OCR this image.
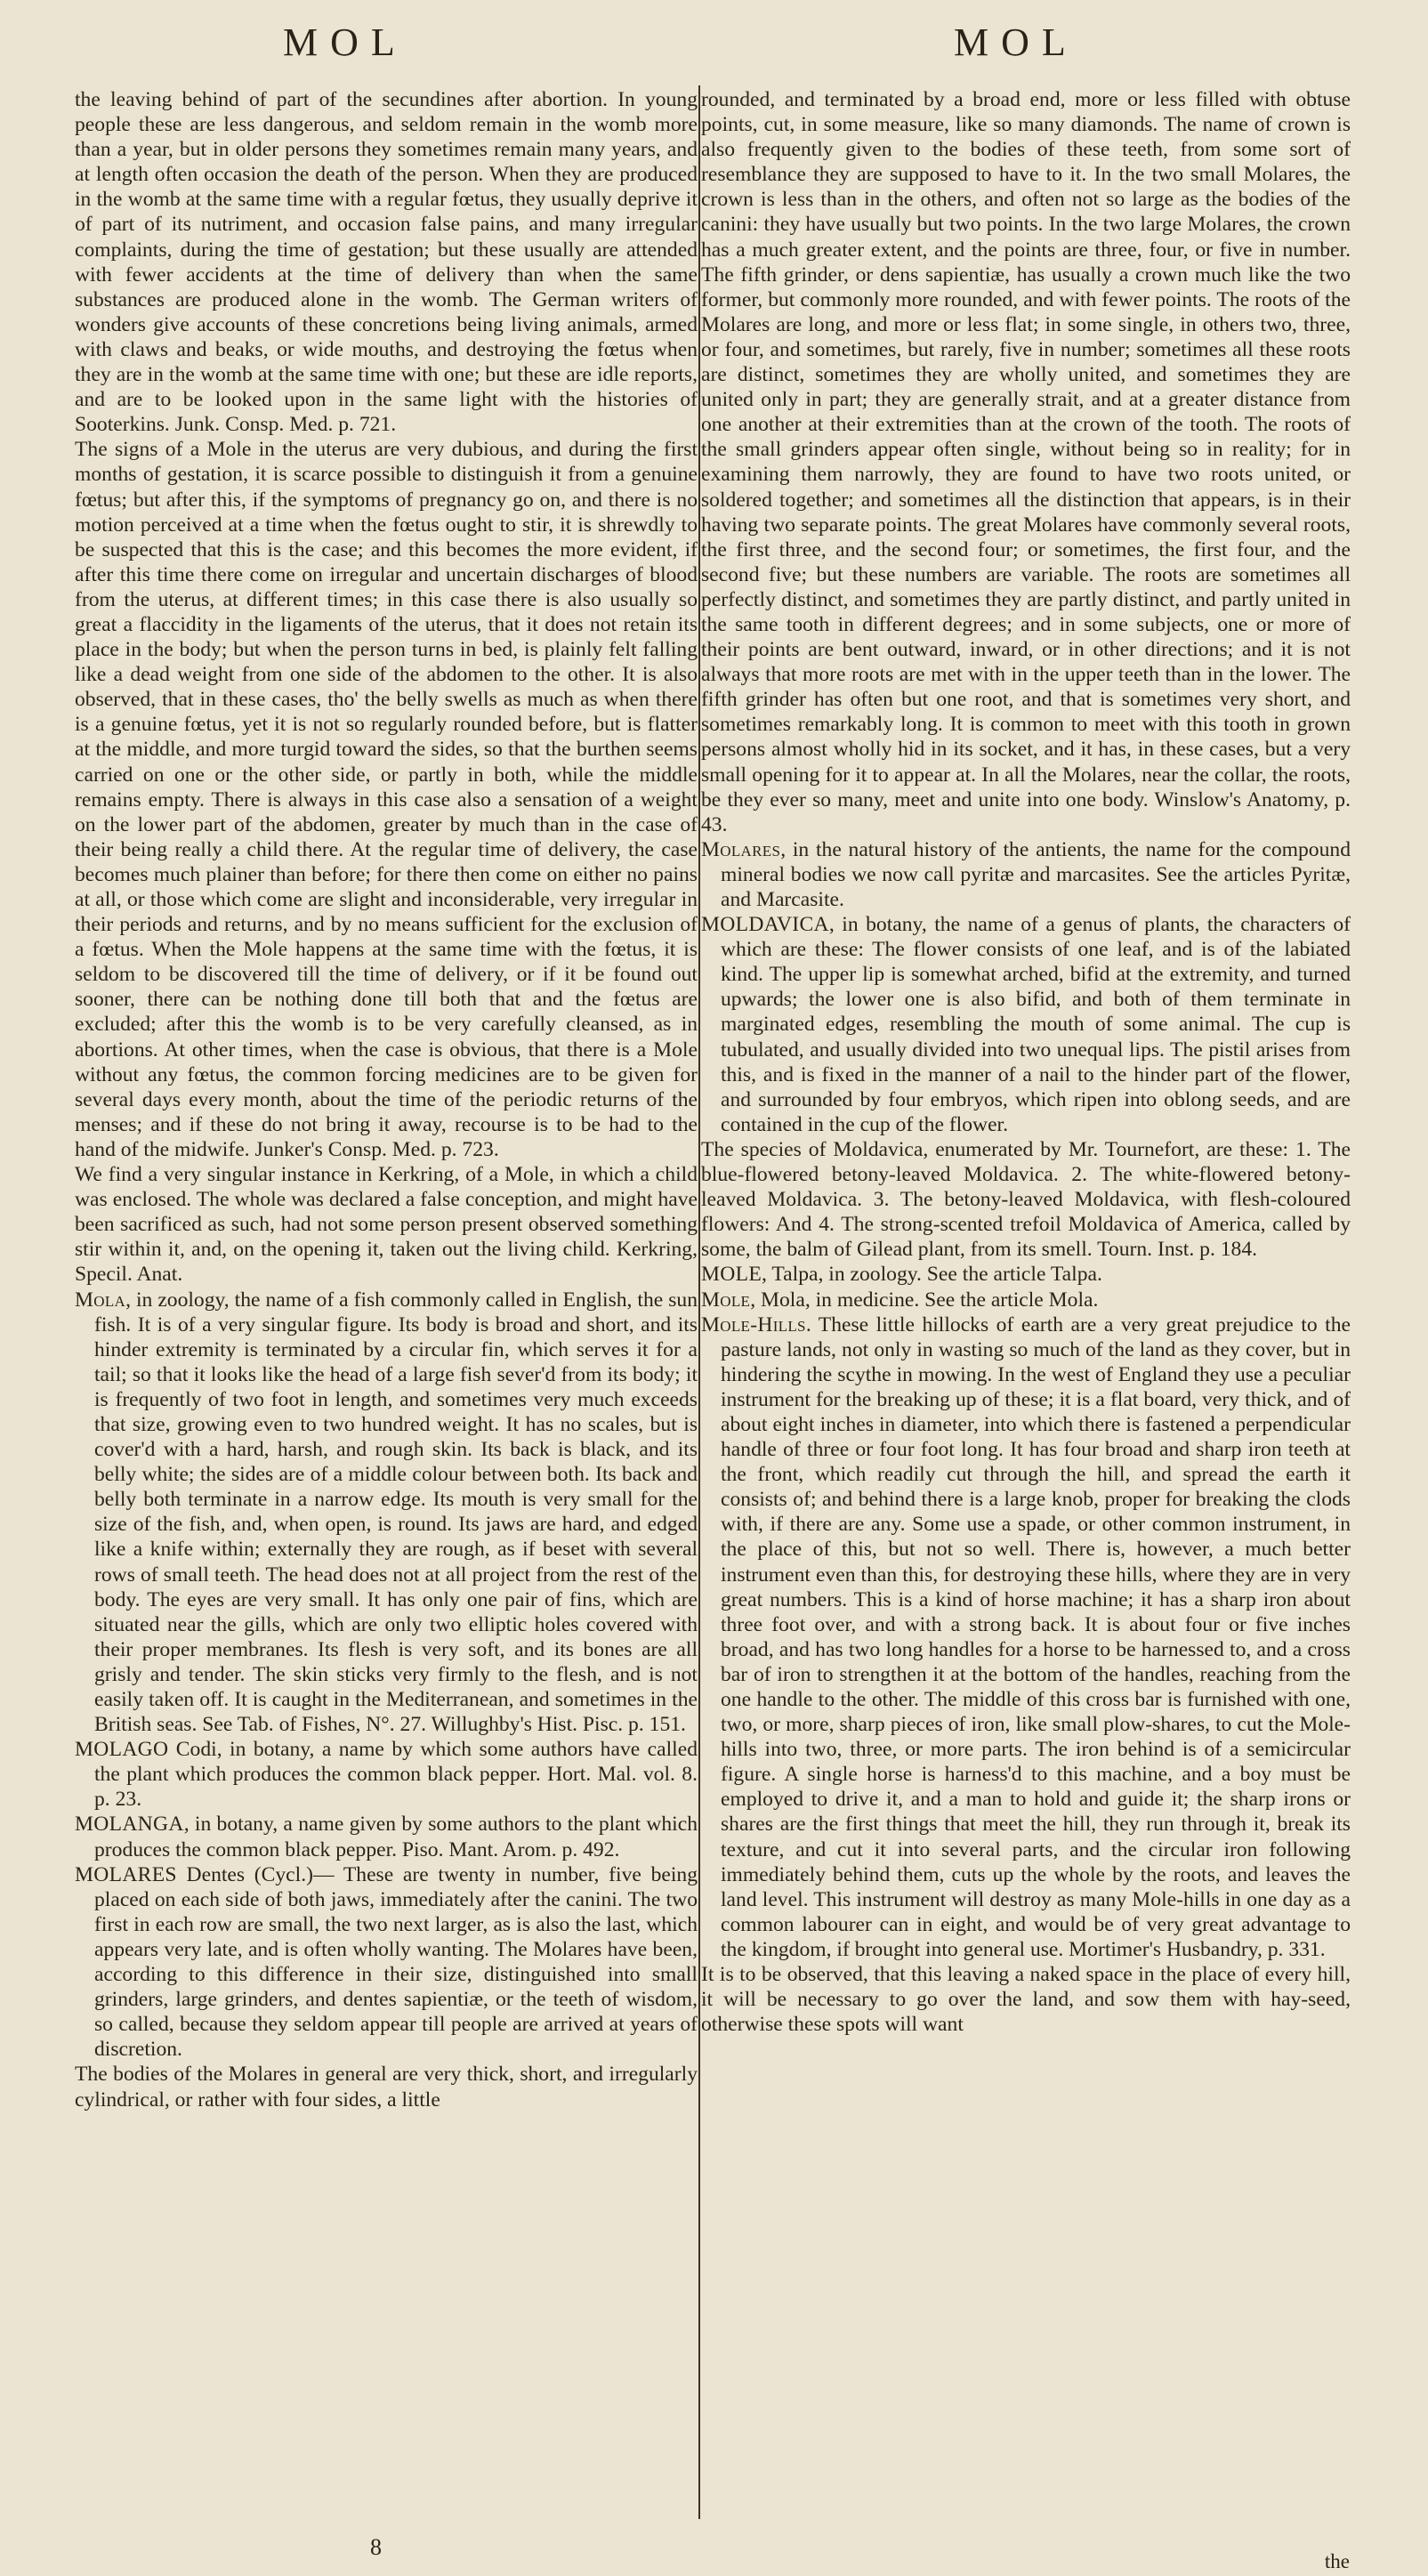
MOL	MOL

the leaving behind of part of the secundines after abortion. In young people these are less dangerous, and seldom remain in the womb more than a year, but in older persons they sometimes remain many years, and at length often occasion the death of the person. When they are produced in the womb at the same time with a regular fœtus, they usually deprive it of part of its nutriment, and occasion false pains, and many irregular complaints, during the time of gestation; but these usually are attended with fewer accidents at the time of delivery than when the same substances are produced alone in the womb. The German writers of wonders give accounts of these concretions being living animals, armed with claws and beaks, or wide mouths, and destroying the fœtus when they are in the womb at the same time with one; but these are idle reports, and are to be looked upon in the same light with the histories of Sooterkins. Junk. Consp. Med. p. 721.

The signs of a Mole in the uterus are very dubious, and during the first months of gestation, it is scarce possible to distinguish it from a genuine fœtus; but after this, if the symptoms of pregnancy go on, and there is no motion perceived at a time when the fœtus ought to stir, it is shrewdly to be suspected that this is the case; and this becomes the more evident, if after this time there come on irregular and uncertain discharges of blood from the uterus, at different times; in this case there is also usually so great a flaccidity in the ligaments of the uterus, that it does not retain its place in the body; but when the person turns in bed, is plainly felt falling like a dead weight from one side of the abdomen to the other. It is also observed, that in these cases, tho' the belly swells as much as when there is a genuine fœtus, yet it is not so regularly rounded before, but is flatter at the middle, and more turgid toward the sides, so that the burthen seems carried on one or the other side, or partly in both, while the middle remains empty. There is always in this case also a sensation of a weight on the lower part of the abdomen, greater by much than in the case of their being really a child there. At the regular time of delivery, the case becomes much plainer than before; for there then come on either no pains at all, or those which come are slight and inconsiderable, very irregular in their periods and returns, and by no means sufficient for the exclusion of a fœtus. When the Mole happens at the same time with the fœtus, it is seldom to be discovered till the time of delivery, or if it be found out sooner, there can be nothing done till both that and the fœtus are excluded; after this the womb is to be very carefully cleansed, as in abortions. At other times, when the case is obvious, that there is a Mole without any fœtus, the common forcing medicines are to be given for several days every month, about the time of the periodic returns of the menses; and if these do not bring it away, recourse is to be had to the hand of the midwife. Junker's Consp. Med. p. 723.

We find a very singular instance in Kerkring, of a Mole, in which a child was enclosed. The whole was declared a false conception, and might have been sacrificed as such, had not some person present observed something stir within it, and, on the opening it, taken out the living child. Kerkring, Specil. Anat.

Mola, in zoology, the name of a fish commonly called in English, the sun fish. It is of a very singular figure. Its body is broad and short, and its hinder extremity is terminated by a circular fin, which serves it for a tail; so that it looks like the head of a large fish sever'd from its body; it is frequently of two foot in length, and sometimes very much exceeds that size, growing even to two hundred weight. It has no scales, but is cover'd with a hard, harsh, and rough skin. Its back is black, and its belly white; the sides are of a middle colour between both. Its back and belly both terminate in a narrow edge. Its mouth is very small for the size of the fish, and, when open, is round. Its jaws are hard, and edged like a knife within; externally they are rough, as if beset with several rows of small teeth. The head does not at all project from the rest of the body. The eyes are very small. It has only one pair of fins, which are situated near the gills, which are only two elliptic holes covered with their proper membranes. Its flesh is very soft, and its bones are all grisly and tender. The skin sticks very firmly to the flesh, and is not easily taken off. It is caught in the Mediterranean, and sometimes in the British seas. See Tab. of Fishes, N°. 27. Willughby's Hist. Pisc. p. 151.

MOLAGO Codi, in botany, a name by which some authors have called the plant which produces the common black pepper. Hort. Mal. vol. 8. p. 23.

MOLANGA, in botany, a name given by some authors to the plant which produces the common black pepper. Piso. Mant. Arom. p. 492.

MOLARES Dentes (Cycl.)— These are twenty in number, five being placed on each side of both jaws, immediately after the canini. The two first in each row are small, the two next larger, as is also the last, which appears very late, and is often wholly wanting. The Molares have been, according to this difference in their size, distinguished into small grinders, large grinders, and dentes sapientiæ, or the teeth of wisdom, so called, because they seldom appear till people are arrived at years of discretion.

The bodies of the Molares in general are very thick, short, and irregularly cylindrical, or rather with four sides, a little

rounded, and terminated by a broad end, more or less filled with obtuse points, cut, in some measure, like so many diamonds. The name of crown is also frequently given to the bodies of these teeth, from some sort of resemblance they are supposed to have to it. In the two small Molares, the crown is less than in the others, and often not so large as the bodies of the canini: they have usually but two points. In the two large Molares, the crown has a much greater extent, and the points are three, four, or five in number. The fifth grinder, or dens sapientiæ, has usually a crown much like the two former, but commonly more rounded, and with fewer points. The roots of the Molares are long, and more or less flat; in some single, in others two, three, or four, and sometimes, but rarely, five in number; sometimes all these roots are distinct, sometimes they are wholly united, and sometimes they are united only in part; they are generally strait, and at a greater distance from one another at their extremities than at the crown of the tooth. The roots of the small grinders appear often single, without being so in reality; for in examining them narrowly, they are found to have two roots united, or soldered together; and sometimes all the distinction that appears, is in their having two separate points. The great Molares have commonly several roots, the first three, and the second four; or sometimes, the first four, and the second five; but these numbers are variable. The roots are sometimes all perfectly distinct, and sometimes they are partly distinct, and partly united in the same tooth in different degrees; and in some subjects, one or more of their points are bent outward, inward, or in other directions; and it is not always that more roots are met with in the upper teeth than in the lower. The fifth grinder has often but one root, and that is sometimes very short, and sometimes remarkably long. It is common to meet with this tooth in grown persons almost wholly hid in its socket, and it has, in these cases, but a very small opening for it to appear at. In all the Molares, near the collar, the roots, be they ever so many, meet and unite into one body. Winslow's Anatomy, p. 43.

Molares, in the natural history of the antients, the name for the compound mineral bodies we now call pyritæ and marcasites. See the articles Pyritæ, and Marcasite.

MOLDAVICA, in botany, the name of a genus of plants, the characters of which are these: The flower consists of one leaf, and is of the labiated kind. The upper lip is somewhat arched, bifid at the extremity, and turned upwards; the lower one is also bifid, and both of them terminate in marginated edges, resembling the mouth of some animal. The cup is tubulated, and usually divided into two unequal lips. The pistil arises from this, and is fixed in the manner of a nail to the hinder part of the flower, and surrounded by four embryos, which ripen into oblong seeds, and are contained in the cup of the flower.

The species of Moldavica, enumerated by Mr. Tournefort, are these: 1. The blue-flowered betony-leaved Moldavica. 2. The white-flowered betony-leaved Moldavica. 3. The betony-leaved Moldavica, with flesh-coloured flowers: And 4. The strong-scented trefoil Moldavica of America, called by some, the balm of Gilead plant, from its smell. Tourn. Inst. p. 184.

MOLE, Talpa, in zoology. See the article Talpa.

Mole, Mola, in medicine. See the article Mola.

Mole-Hills. These little hillocks of earth are a very great prejudice to the pasture lands, not only in wasting so much of the land as they cover, but in hindering the scythe in mowing. In the west of England they use a peculiar instrument for the breaking up of these; it is a flat board, very thick, and of about eight inches in diameter, into which there is fastened a perpendicular handle of three or four foot long. It has four broad and sharp iron teeth at the front, which readily cut through the hill, and spread the earth it consists of; and behind there is a large knob, proper for breaking the clods with, if there are any. Some use a spade, or other common instrument, in the place of this, but not so well. There is, however, a much better instrument even than this, for destroying these hills, where they are in very great numbers. This is a kind of horse machine; it has a sharp iron about three foot over, and with a strong back. It is about four or five inches broad, and has two long handles for a horse to be harnessed to, and a cross bar of iron to strengthen it at the bottom of the handles, reaching from the one handle to the other. The middle of this cross bar is furnished with one, two, or more, sharp pieces of iron, like small plow-shares, to cut the Mole-hills into two, three, or more parts. The iron behind is of a semicircular figure. A single horse is harness'd to this machine, and a boy must be employed to drive it, and a man to hold and guide it; the sharp irons or shares are the first things that meet the hill, they run through it, break its texture, and cut it into several parts, and the circular iron following immediately behind them, cuts up the whole by the roots, and leaves the land level. This instrument will destroy as many Mole-hills in one day as a common labourer can in eight, and would be of very great advantage to the kingdom, if brought into general use. Mortimer's Husbandry, p. 331.

It is to be observed, that this leaving a naked space in the place of every hill, it will be necessary to go over the land, and sow them with hay-seed, otherwise these spots will want

8
the
